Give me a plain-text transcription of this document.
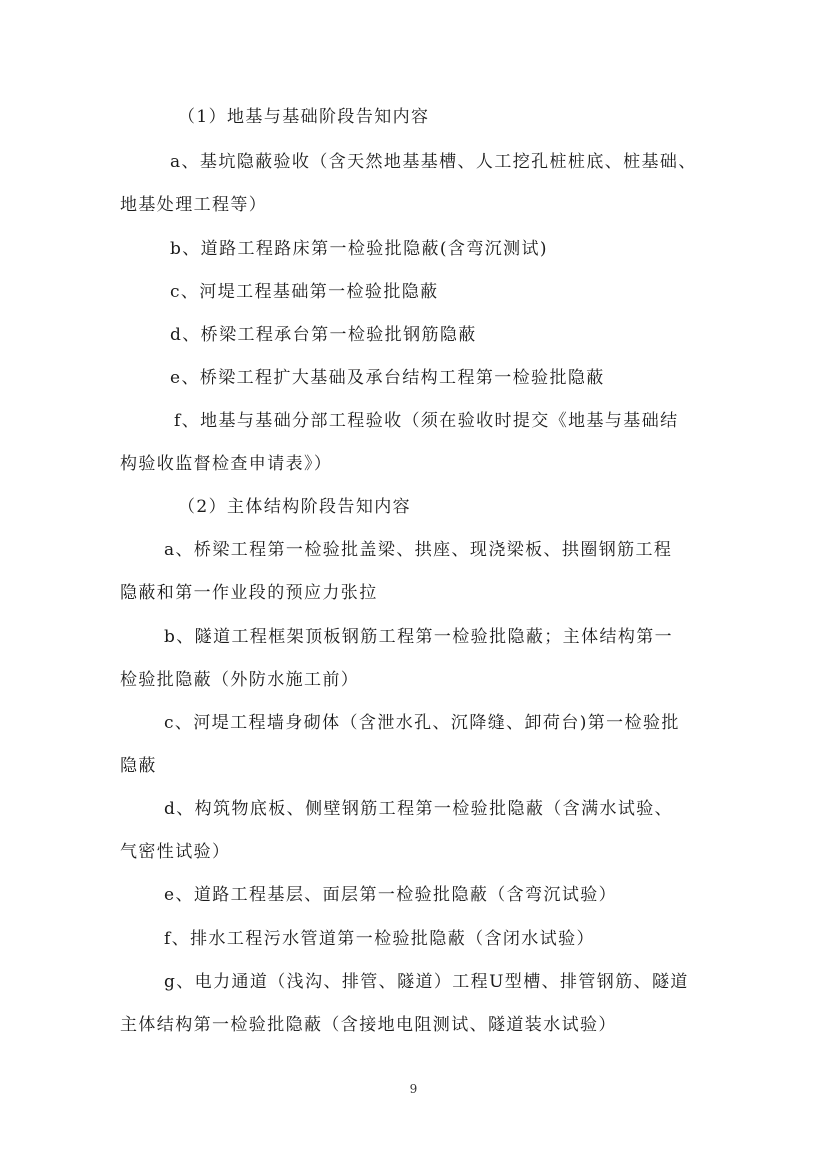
（1）地基与基础阶段告知内容
a、基坑隐蔽验收（含天然地基基槽、人工挖孔桩桩底、桩基础、
地基处理工程等）
b、道路工程路床第一检验批隐蔽(含弯沉测试)
c、河堤工程基础第一检验批隐蔽
d、桥梁工程承台第一检验批钢筋隐蔽
e、桥梁工程扩大基础及承台结构工程第一检验批隐蔽
f、地基与基础分部工程验收（须在验收时提交《地基与基础结
构验收监督检查申请表》）
（2）主体结构阶段告知内容
a、桥梁工程第一检验批盖梁、拱座、现浇梁板、拱圈钢筋工程
隐蔽和第一作业段的预应力张拉
b、隧道工程框架顶板钢筋工程第一检验批隐蔽；主体结构第一
检验批隐蔽（外防水施工前）
c、河堤工程墙身砌体（含泄水孔、沉降缝、卸荷台)第一检验批
隐蔽
d、构筑物底板、侧壁钢筋工程第一检验批隐蔽（含满水试验、
气密性试验）
e、道路工程基层、面层第一检验批隐蔽（含弯沉试验）
f、排水工程污水管道第一检验批隐蔽（含闭水试验）
g、电力通道（浅沟、排管、隧道）工程U型槽、排管钢筋、隧道
主体结构第一检验批隐蔽（含接地电阻测试、隧道装水试验）
9
